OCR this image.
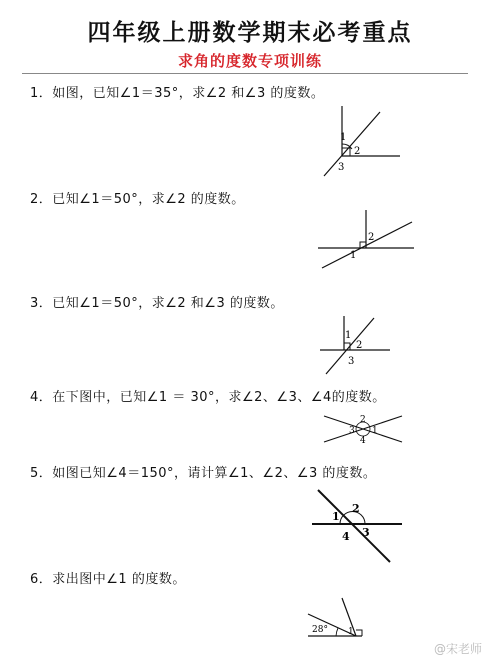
四年级上册数学期末必考重点
求角的度数专项训练
1．如图，已知∠1＝35°，求∠2 和∠3 的度数。
1
2
3
2．已知∠1＝50°，求∠2 的度数。
2
1
3．已知∠1＝50°，求∠2 和∠3 的度数。
1
2
3
4．在下图中，已知∠1 ＝ 30°，求∠2、∠3、∠4的度数。
2
3 1
4
5．如图已知∠4＝150°，请计算∠1、∠2、∠3 的度数。
1
2
3
4
6．求出图中∠1 的度数。
28° 1
@宋老师
